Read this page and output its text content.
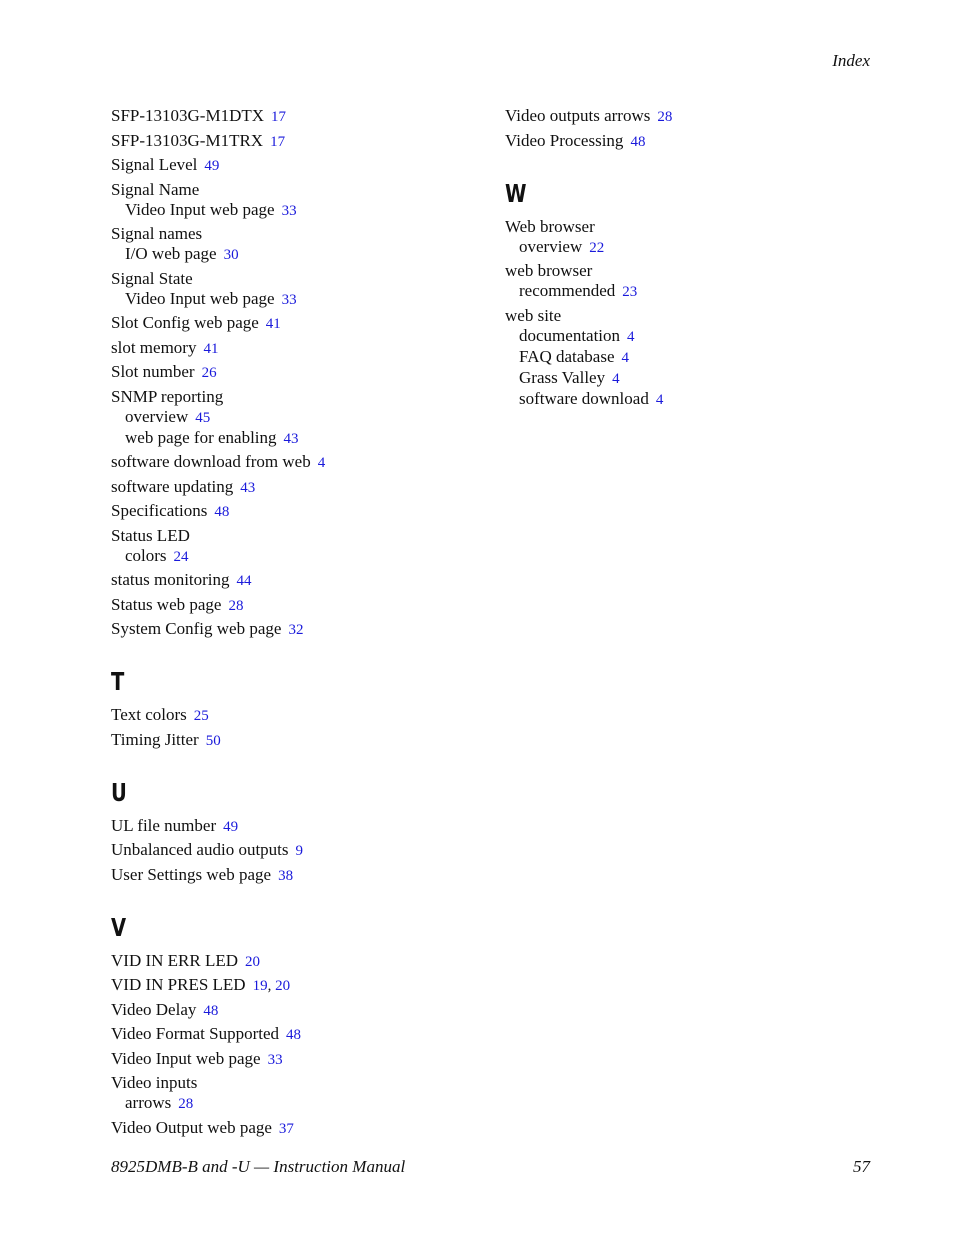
Index
SFP-13103G-M1DTX 17
SFP-13103G-M1TRX 17
Signal Level 49
Signal Name
Video Input web page 33
Signal names
I/O web page 30
Signal State
Video Input web page 33
Slot Config web page 41
slot memory 41
Slot number 26
SNMP reporting
overview 45
web page for enabling 43
software download from web 4
software updating 43
Specifications 48
Status LED
colors 24
status monitoring 44
Status web page 28
System Config web page 32
T
Text colors 25
Timing Jitter 50
U
UL file number 49
Unbalanced audio outputs 9
User Settings web page 38
V
VID IN ERR LED 20
VID IN PRES LED 19, 20
Video Delay 48
Video Format Supported 48
Video Input web page 33
Video inputs
arrows 28
Video Output web page 37
Video outputs arrows 28
Video Processing 48
W
Web browser
overview 22
web browser
recommended 23
web site
documentation 4
FAQ database 4
Grass Valley 4
software download 4
8925DMB-B and -U — Instruction Manual	57
